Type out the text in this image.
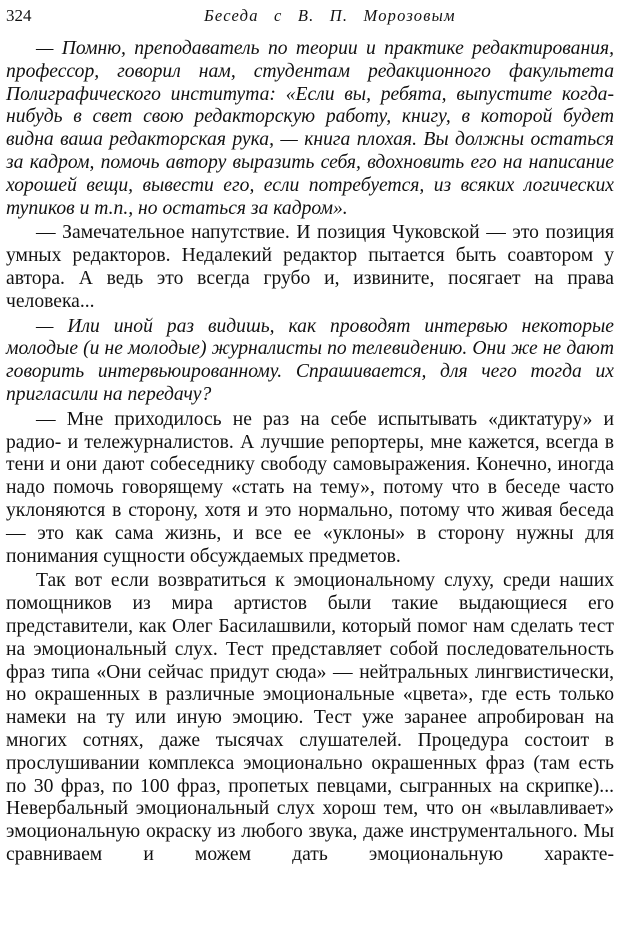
324	Беседа с В. П. Морозовым

— Помню, преподаватель по теории и практике редактирования, профессор, говорил нам, студентам редакционного факультета Полиграфического института: «Если вы, ребята, выпустите когда-нибудь в свет свою редакторскую работу, книгу, в которой будет видна ваша редакторская рука, — книга плохая. Вы должны остаться за кадром, помочь автору выразить себя, вдохновить его на написание хорошей вещи, вывести его, если потребуется, из всяких логических тупиков и т.п., но остаться за кадром».

— Замечательное напутствие. И позиция Чуковской — это позиция умных редакторов. Недалекий редактор пытается быть соавтором у автора. А ведь это всегда грубо и, извините, посягает на права человека...

— Или иной раз видишь, как проводят интервью некоторые молодые (и не молодые) журналисты по телевидению. Они же не дают говорить интервьюированному. Спрашивается, для чего тогда их пригласили на передачу?

— Мне приходилось не раз на себе испытывать «диктатуру» и радио- и тележурналистов. А лучшие репортеры, мне кажется, всегда в тени и они дают собеседнику свободу самовыражения. Конечно, иногда надо помочь говорящему «стать на тему», потому что в беседе часто уклоняются в сторону, хотя и это нормально, потому что живая беседа — это как сама жизнь, и все ее «уклоны» в сторону нужны для понимания сущности обсуждаемых предметов.

Так вот если возвратиться к эмоциональному слуху, среди наших помощников из мира артистов были такие выдающиеся его представители, как Олег Басилашвили, который помог нам сделать тест на эмоциональный слух. Тест представляет собой последовательность фраз типа «Они сейчас придут сюда» — нейтральных лингвистически, но окрашенных в различные эмоциональные «цвета», где есть только намеки на ту или иную эмоцию. Тест уже заранее апробирован на многих сотнях, даже тысячах слушателей. Процедура состоит в прослушивании комплекса эмоционально окрашенных фраз (там есть по 30 фраз, по 100 фраз, пропетых певцами, сыгранных на скрипке)... Невербальный эмоциональный слух хорош тем, что он «вылавливает» эмоциональную окраску из любого звука, даже инструментального. Мы сравниваем и можем дать эмоциональную характе-
